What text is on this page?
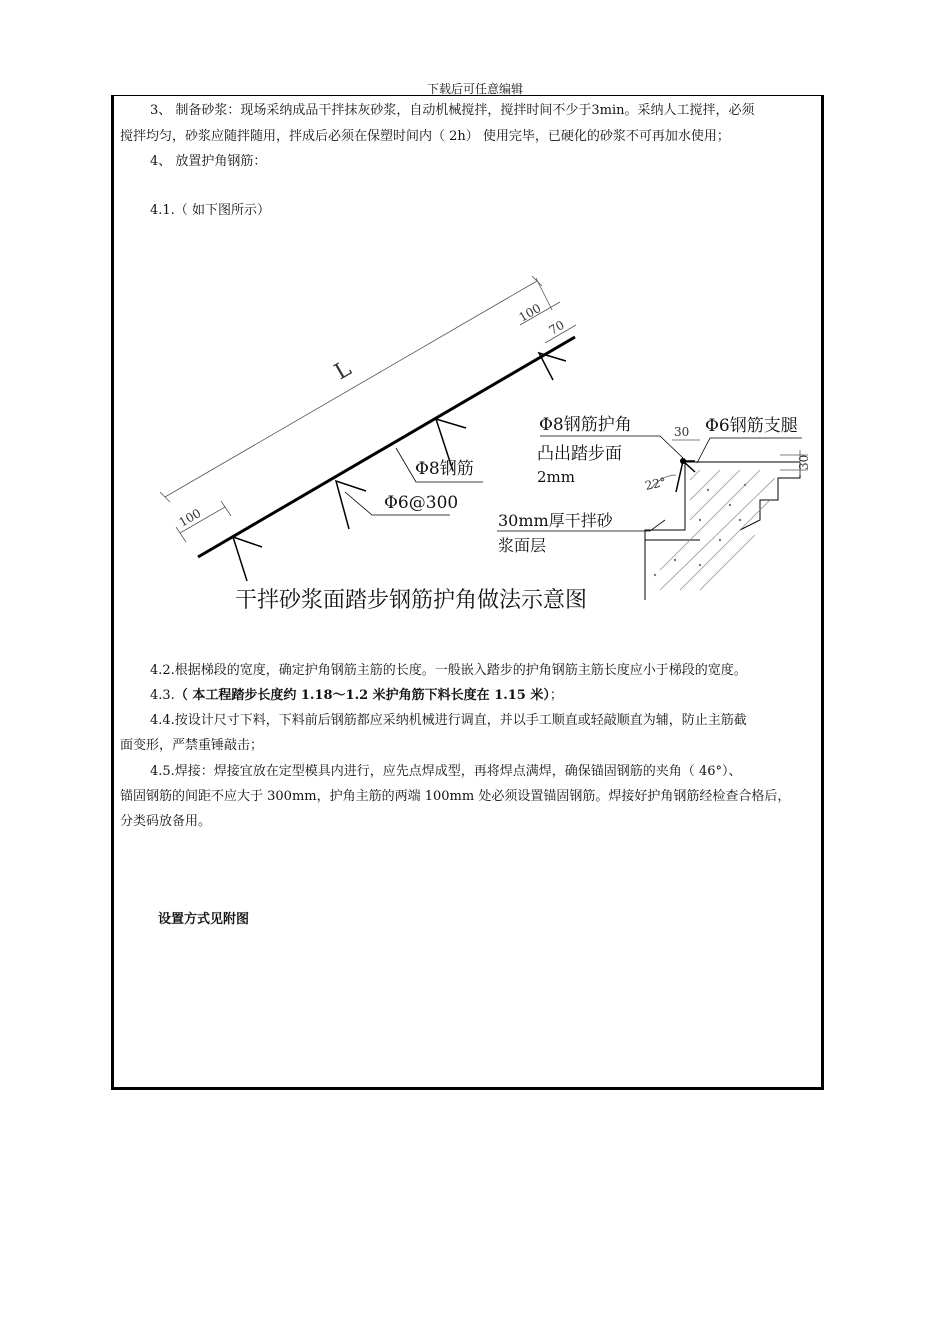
下载后可任意编辑
3、 制备砂浆：现场采纳成品干拌抹灰砂浆，自动机械搅拌，搅拌时间不少于3min。采纳人工搅拌，必须
搅拌均匀，砂浆应随拌随用，拌成后必须在保塑时间内（ 2h） 使用完毕，已硬化的砂浆不可再加水使用；
4、 放置护角钢筋：
4.1.（ 如下图所示）
L
100
70
100
Φ8钢筋
Φ6@300
30
30
22°
Φ8钢筋护角	Φ6钢筋支腿
凸出踏步面
2mm
30mm厚干拌砂
浆面层
干拌砂浆面踏步钢筋护角做法示意图
4.2.根据梯段的宽度，确定护角钢筋主筋的长度。一般嵌入踏步的护角钢筋主筋长度应小于梯段的宽度。
4.3.（ 本工程踏步长度约 1.18～1.2 米护角筋下料长度在 1.15 米）；
4.4.按设计尺寸下料，下料前后钢筋都应采纳机械进行调直，并以手工顺直或轻敲顺直为辅，防止主筋截
面变形，严禁重锤敲击；
4.5.焊接：焊接宜放在定型模具内进行，应先点焊成型，再将焊点满焊，确保锚固钢筋的夹角（ 46°）、
锚固钢筋的间距不应大于 300mm，护角主筋的两端 100mm 处必须设置锚固钢筋。焊接好护角钢筋经检查合格后，
分类码放备用。
设置方式见附图
